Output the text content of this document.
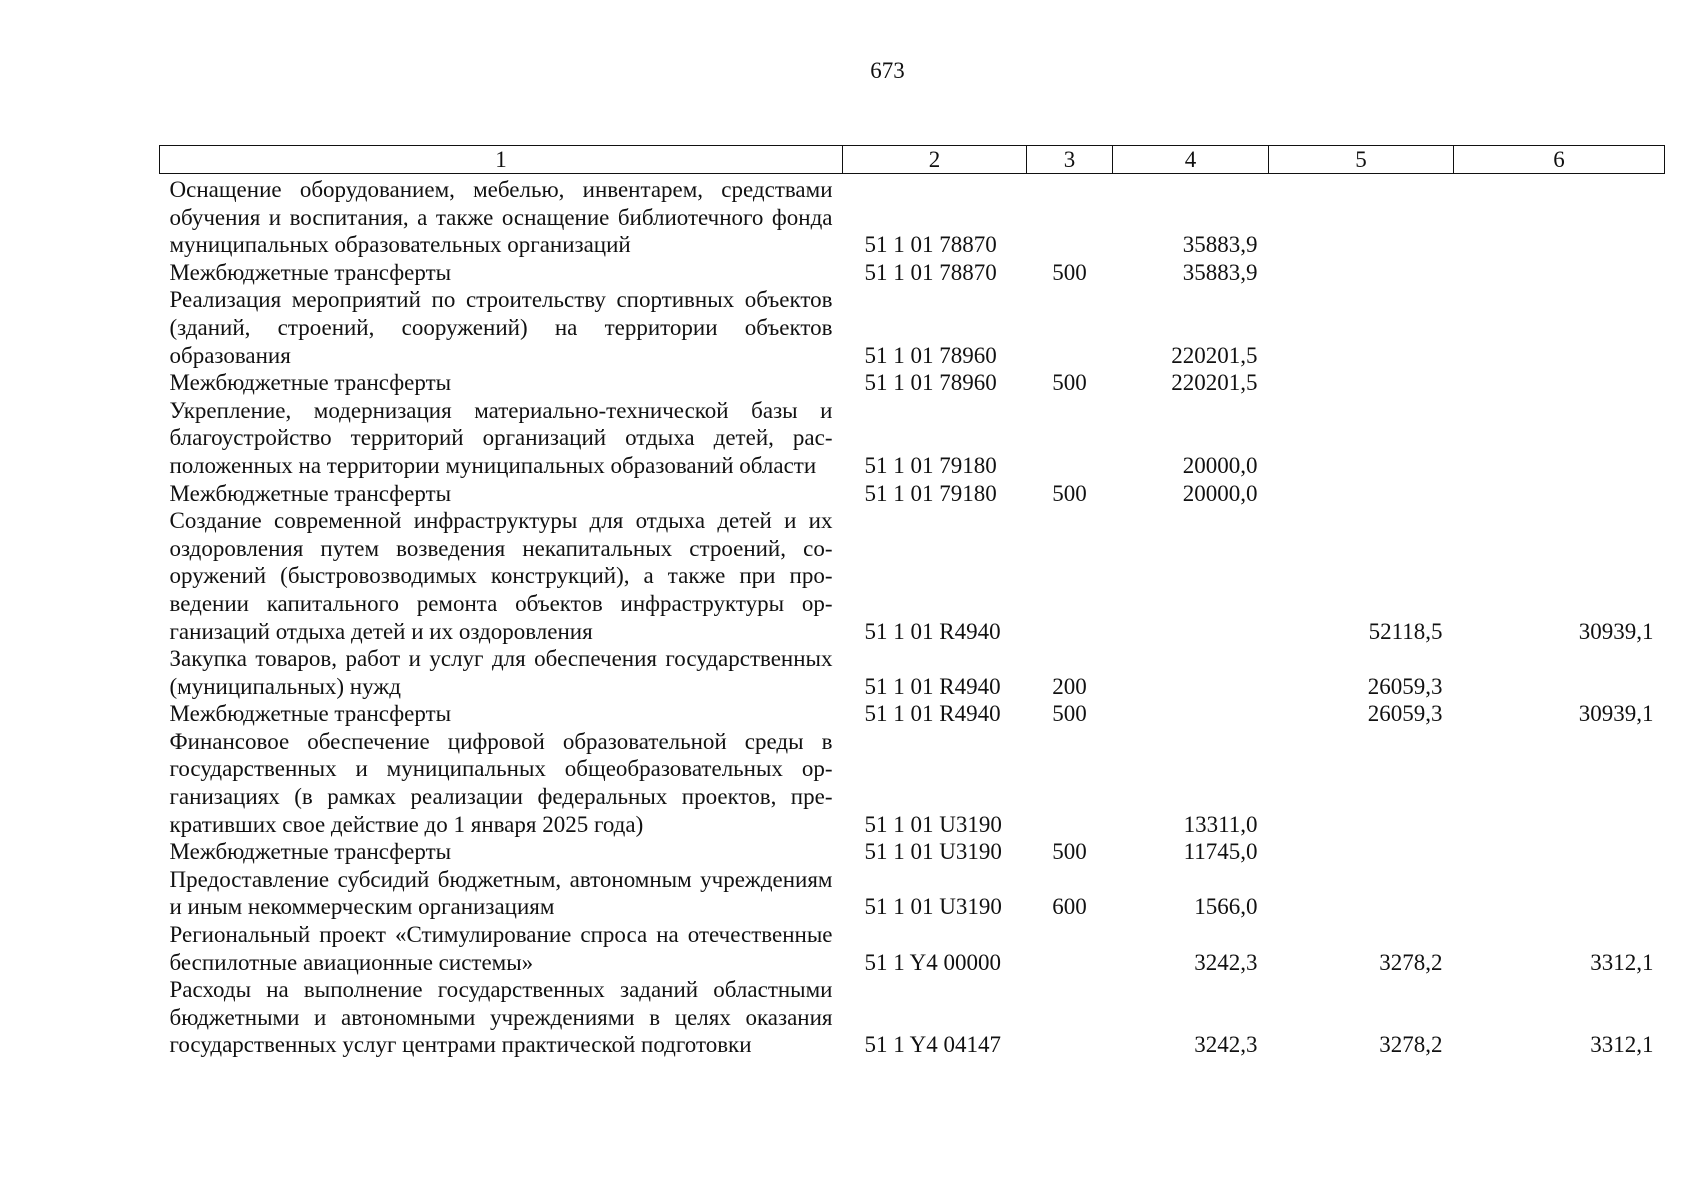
673
1	2	3	4	5	6
Оснащение оборудованием, мебелью, инвентарем, средствами обучения и воспитания, а также оснащение библиотечного фонда муниципальных образовательных организаций	51 1 01 78870		35883,9		
Межбюджетные трансферты	51 1 01 78870	500	35883,9		
Реализация мероприятий по строительству спортивных объектов (зданий, строений, сооружений) на территории объектов образования	51 1 01 78960		220201,5		
Межбюджетные трансферты	51 1 01 78960	500	220201,5		
Укрепление, модернизация материально-технической базы и благоустройство территорий организаций отдыха детей, расположенных на территории муниципальных образований области	51 1 01 79180		20000,0		
Межбюджетные трансферты	51 1 01 79180	500	20000,0		
Создание современной инфраструктуры для отдыха детей и их оздоровления путем возведения некапитальных строений, сооружений (быстровозводимых конструкций), а также при проведении капитального ремонта объектов инфраструктуры организаций отдыха детей и их оздоровления	51 1 01 R4940			52118,5	30939,1
Закупка товаров, работ и услуг для обеспечения государственных (муниципальных) нужд	51 1 01 R4940	200		26059,3	
Межбюджетные трансферты	51 1 01 R4940	500		26059,3	30939,1
Финансовое обеспечение цифровой образовательной среды в государственных и муниципальных общеобразовательных организациях (в рамках реализации федеральных проектов, прекративших свое действие до 1 января 2025 года)	51 1 01 U3190		13311,0		
Межбюджетные трансферты	51 1 01 U3190	500	11745,0		
Предоставление субсидий бюджетным, автономным учреждениям и иным некоммерческим организациям	51 1 01 U3190	600	1566,0		
Региональный проект «Стимулирование спроса на отечественные беспилотные авиационные системы»	51 1 Y4 00000		3242,3	3278,2	3312,1
Расходы на выполнение государственных заданий областными бюджетными и автономными учреждениями в целях оказания государственных услуг центрами практической подготовки	51 1 Y4 04147		3242,3	3278,2	3312,1
